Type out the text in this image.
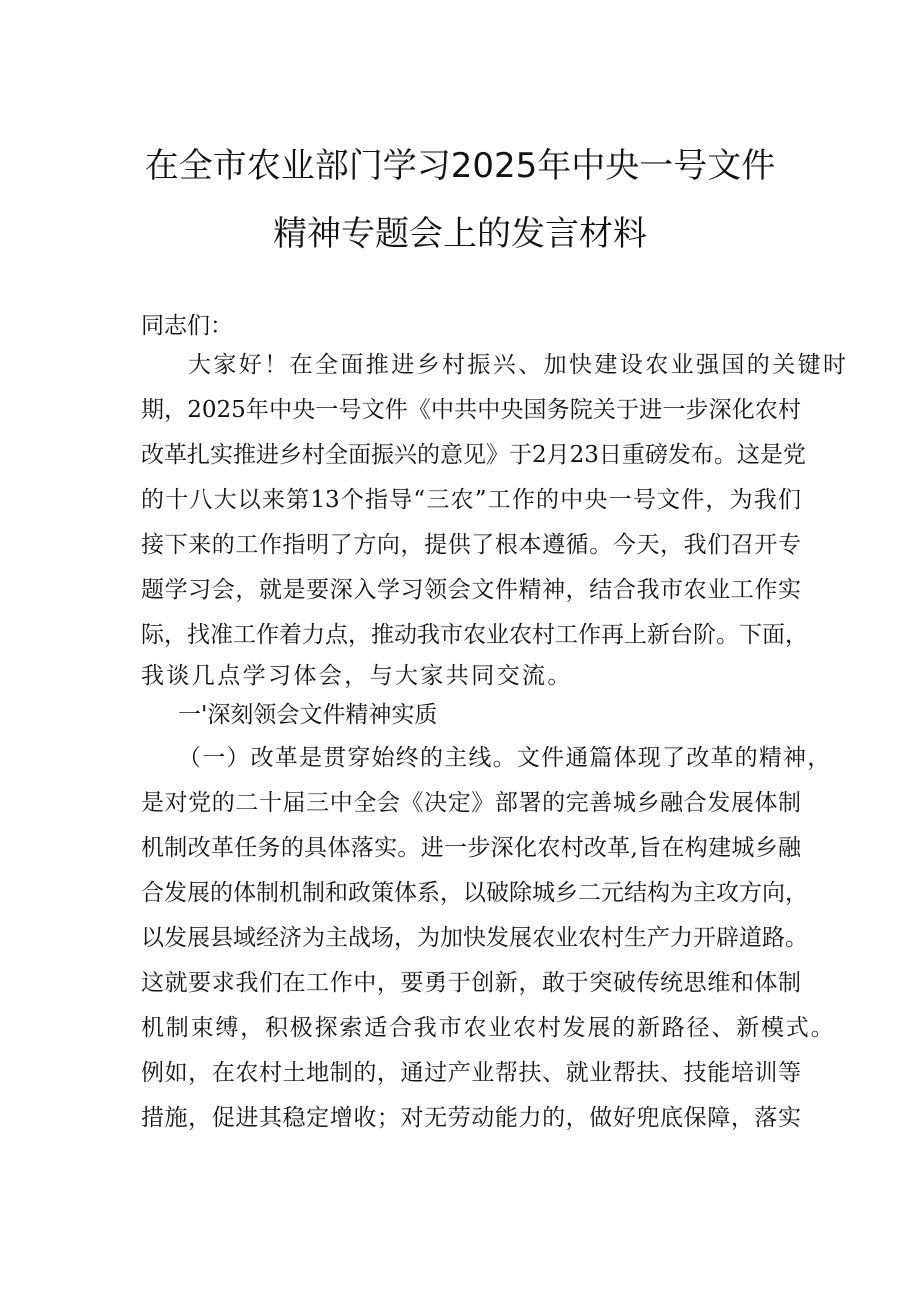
在全市农业部门学习2025年中央一号文件
精神专题会上的发言材料
同志们：
大家好！在全面推进乡村振兴、加快建设农业强国的关键时
期，2025年中央一号文件《中共中央国务院关于进一步深化农村
改革扎实推进乡村全面振兴的意见》于2月23日重磅发布。这是党
的十八大以来第13个指导“三农”工作的中央一号文件，为我们
接下来的工作指明了方向，提供了根本遵循。今天，我们召开专
题学习会，就是要深入学习领会文件精神，结合我市农业工作实
际，找准工作着力点，推动我市农业农村工作再上新台阶。下面，
我谈几点学习体会，与大家共同交流。
一'深刻领会文件精神实质
（一）改革是贯穿始终的主线。文件通篇体现了改革的精神，
是对党的二十届三中全会《决定》部署的完善城乡融合发展体制
机制改革任务的具体落实。进一步深化农村改革,旨在构建城乡融
合发展的体制机制和政策体系，以破除城乡二元结构为主攻方向，
以发展县域经济为主战场，为加快发展农业农村生产力开辟道路。
这就要求我们在工作中，要勇于创新，敢于突破传统思维和体制
机制束缚，积极探索适合我市农业农村发展的新路径、新模式。
例如，在农村土地制的，通过产业帮扶、就业帮扶、技能培训等
措施，促进其稳定增收；对无劳动能力的，做好兜底保障，落实
